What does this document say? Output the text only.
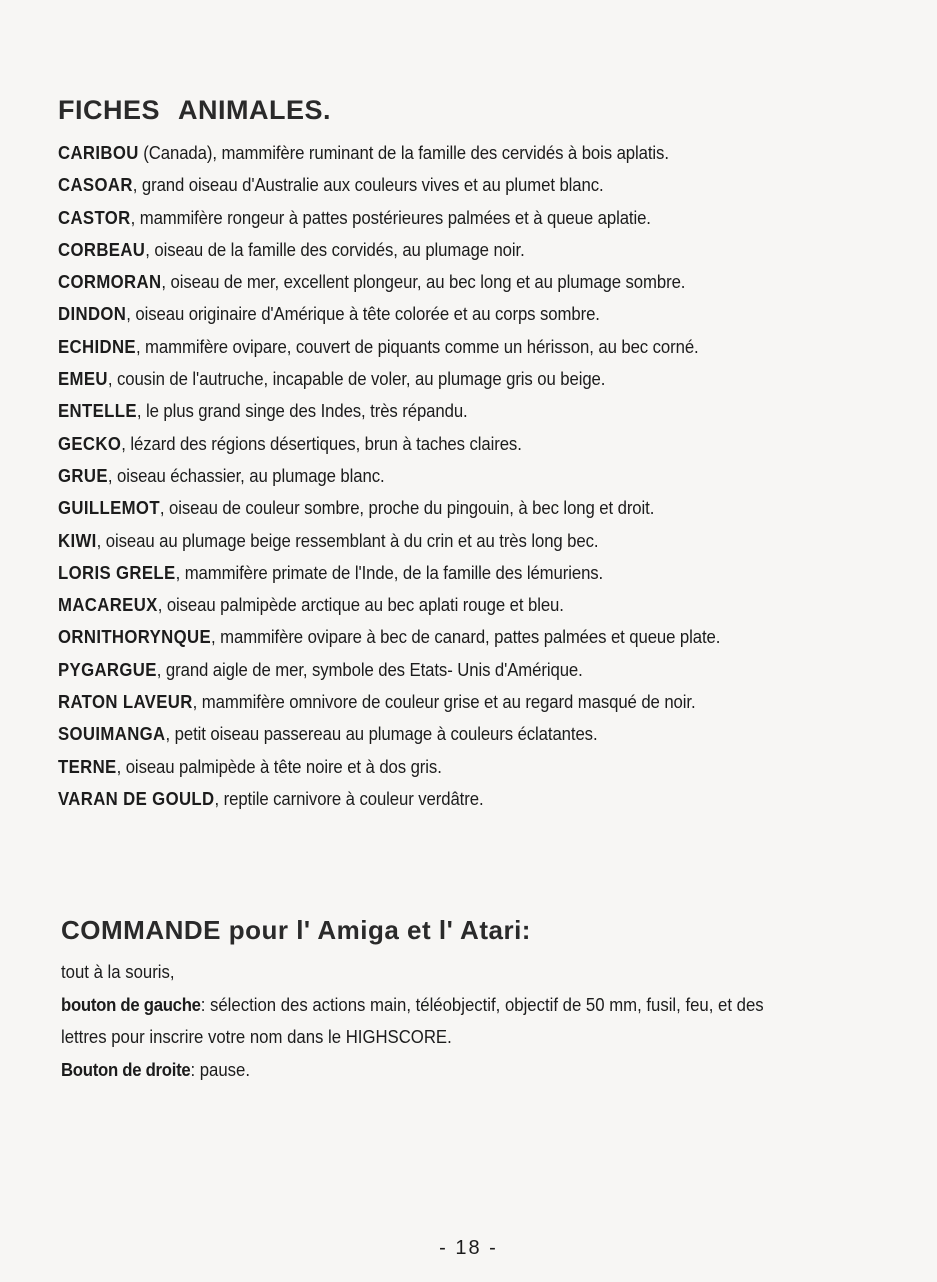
FICHES ANIMALES.
CARIBOU (Canada), mammifère ruminant de la famille des cervidés à bois aplatis.
CASOAR, grand oiseau d'Australie aux couleurs vives et au plumet blanc.
CASTOR, mammifère rongeur à pattes postérieures palmées et à queue aplatie.
CORBEAU, oiseau de la famille des corvidés, au plumage noir.
CORMORAN, oiseau de mer, excellent plongeur, au bec long et au plumage sombre.
DINDON, oiseau originaire d'Amérique à tête colorée et au corps sombre.
ECHIDNE, mammifère ovipare, couvert de piquants comme un hérisson, au bec corné.
EMEU, cousin de l'autruche, incapable de voler, au plumage gris ou beige.
ENTELLE, le plus grand singe des Indes, très répandu.
GECKO, lézard des régions désertiques, brun à taches claires.
GRUE, oiseau échassier, au plumage blanc.
GUILLEMOT, oiseau de couleur sombre, proche du pingouin, à bec long et droit.
KIWI, oiseau au plumage beige ressemblant à du crin et au très long bec.
LORIS GRELE, mammifère primate de l'Inde, de la famille des lémuriens.
MACAREUX, oiseau palmipède arctique au bec aplati rouge et bleu.
ORNITHORYNQUE, mammifère ovipare à bec de canard, pattes palmées et queue plate.
PYGARGUE, grand aigle de mer, symbole des Etats- Unis d'Amérique.
RATON LAVEUR, mammifère omnivore de couleur grise et au regard masqué de noir.
SOUIMANGA, petit oiseau passereau au plumage à couleurs éclatantes.
TERNE, oiseau palmipède à tête noire et à dos gris.
VARAN DE GOULD, reptile carnivore à couleur verdâtre.
COMMANDE pour l' Amiga et l' Atari:

tout à la souris,

bouton de gauche: sélection des actions main, téléobjectif, objectif de 50 mm, fusil, feu, et des

lettres pour inscrire votre nom dans le HIGHSCORE.

Bouton de droite: pause.

- 18 -
